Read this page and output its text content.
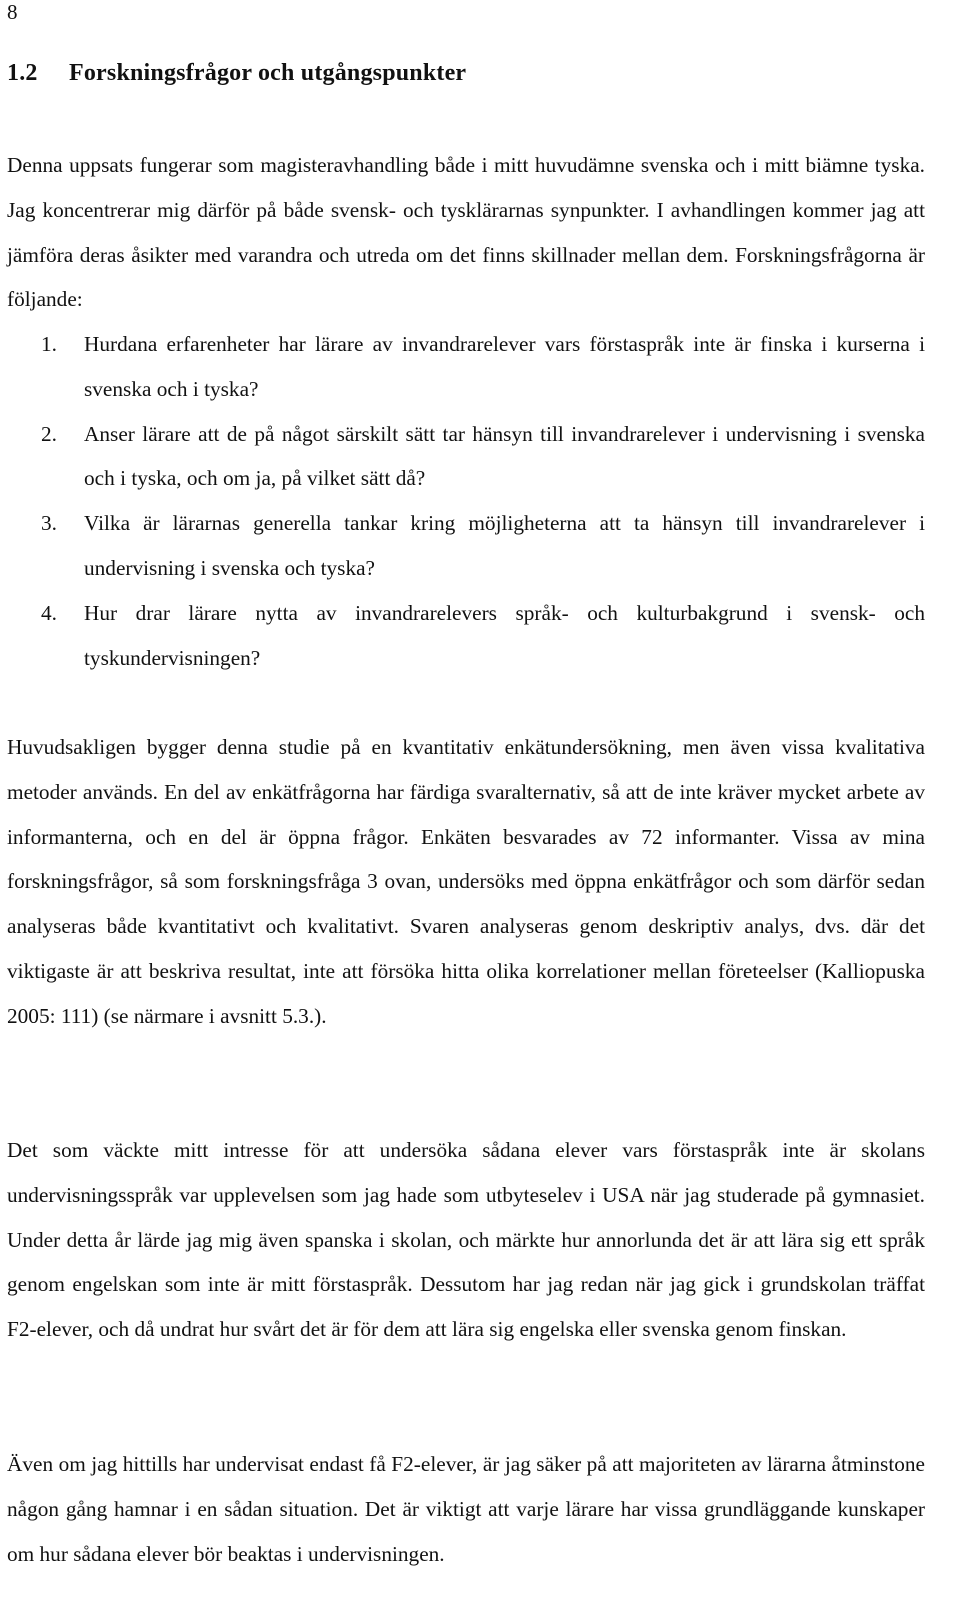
8
1.2 Forskningsfrågor och utgångspunkter

Denna uppsats fungerar som magisteravhandling både i mitt huvudämne svenska och i mitt biämne tyska. Jag koncentrerar mig därför på både svensk- och tysklärarnas synpunkter. I avhandlingen kommer jag att jämföra deras åsikter med varandra och utreda om det finns skillnader mellan dem. Forskningsfrågorna är följande:

1. Hurdana erfarenheter har lärare av invandrarelever vars förstaspråk inte är finska i kurserna i svenska och i tyska?
2. Anser lärare att de på något särskilt sätt tar hänsyn till invandrarelever i undervisning i svenska och i tyska, och om ja, på vilket sätt då?
3. Vilka är lärarnas generella tankar kring möjligheterna att ta hänsyn till invandrarelever i undervisning i svenska och tyska?
4. Hur drar lärare nytta av invandrarelevers språk- och kulturbakgrund i svensk- och tyskundervisningen?

Huvudsakligen bygger denna studie på en kvantitativ enkätundersökning, men även vissa kvalitativa metoder används. En del av enkätfrågorna har färdiga svaralternativ, så att de inte kräver mycket arbete av informanterna, och en del är öppna frågor. Enkäten besvarades av 72 informanter. Vissa av mina forskningsfrågor, så som forskningsfråga 3 ovan, undersöks med öppna enkätfrågor och som därför sedan analyseras både kvantitativt och kvalitativt. Svaren analyseras genom deskriptiv analys, dvs. där det viktigaste är att beskriva resultat, inte att försöka hitta olika korrelationer mellan företeelser (Kalliopuska 2005: 111) (se närmare i avsnitt 5.3.).

Det som väckte mitt intresse för att undersöka sådana elever vars förstaspråk inte är skolans undervisningsspråk var upplevelsen som jag hade som utbyteselev i USA när jag studerade på gymnasiet. Under detta år lärde jag mig även spanska i skolan, och märkte hur annorlunda det är att lära sig ett språk genom engelskan som inte är mitt förstaspråk. Dessutom har jag redan när jag gick i grundskolan träffat F2-elever, och då undrat hur svårt det är för dem att lära sig engelska eller svenska genom finskan.

Även om jag hittills har undervisat endast få F2-elever, är jag säker på att majoriteten av lärarna åtminstone någon gång hamnar i en sådan situation. Det är viktigt att varje lärare har vissa grundläggande kunskaper om hur sådana elever bör beaktas i undervisningen.
